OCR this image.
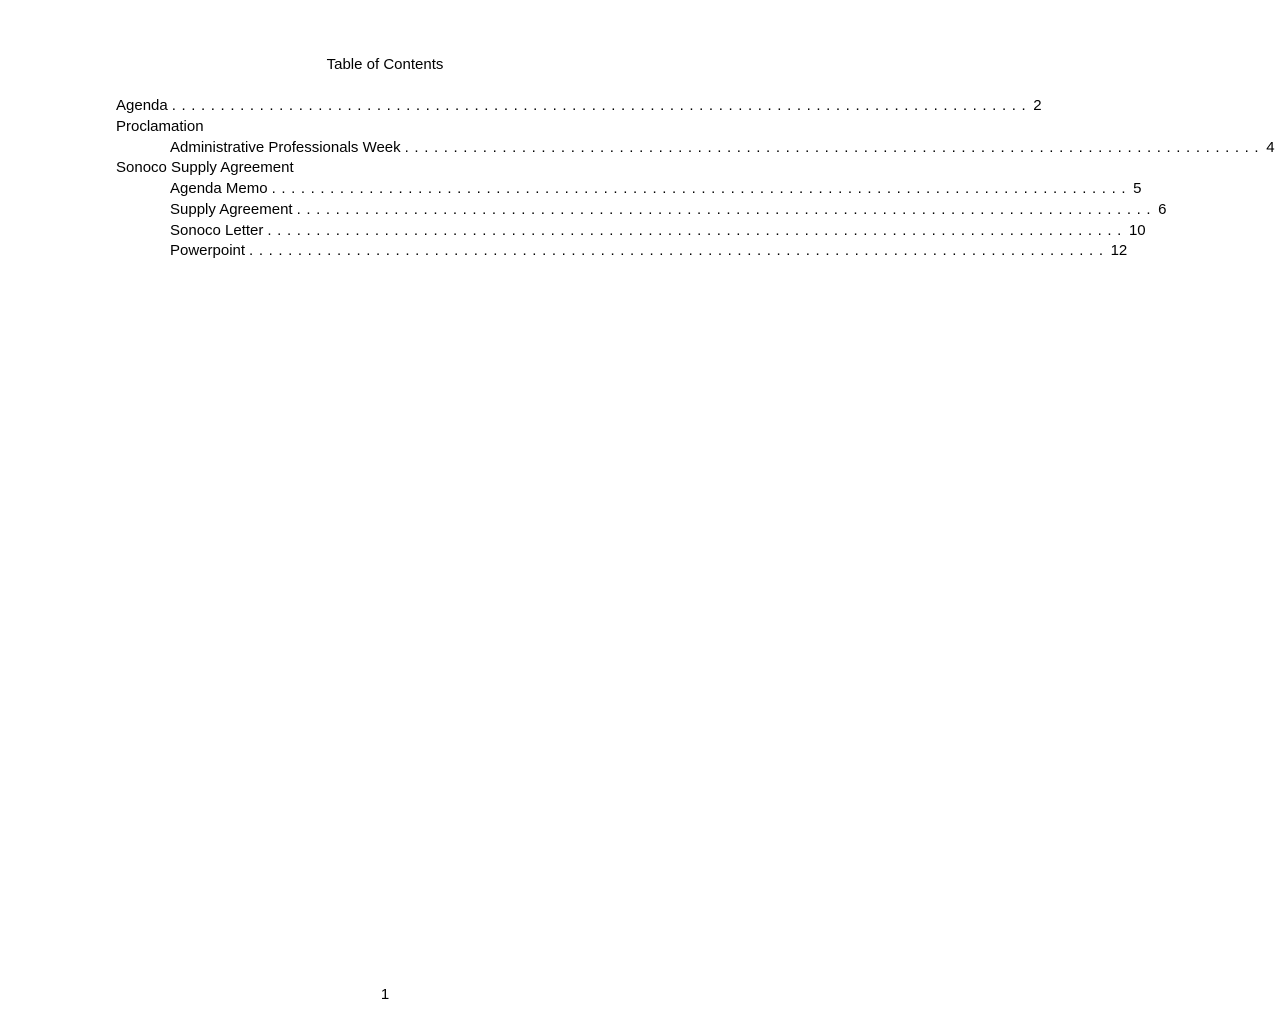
Table of Contents
Agenda ........................................................................................ 2
Proclamation
Administrative Professionals Week ........................................................................................ 4
Sonoco Supply Agreement
Agenda Memo ........................................................................................ 5
Supply Agreement ........................................................................................ 6
Sonoco Letter ........................................................................................ 10
Powerpoint ........................................................................................ 12
1
